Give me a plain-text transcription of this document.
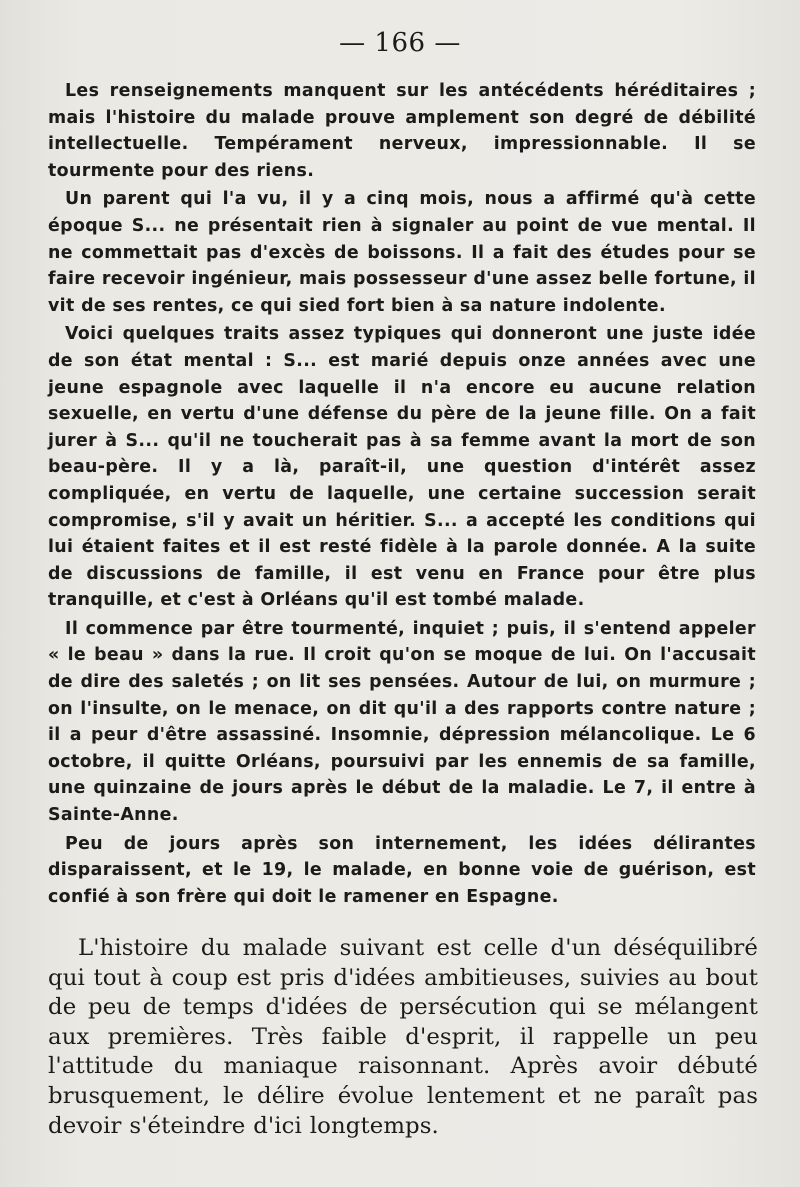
— 166 —

Les renseignements manquent sur les antécédents héréditaires ; mais l'histoire du malade prouve amplement son degré de débilité intellectuelle. Tempérament nerveux, impressionnable. Il se tourmente pour des riens.

Un parent qui l'a vu, il y a cinq mois, nous a affirmé qu'à cette époque S... ne présentait rien à signaler au point de vue mental. Il ne commettait pas d'excès de boissons. Il a fait des études pour se faire recevoir ingénieur, mais possesseur d'une assez belle fortune, il vit de ses rentes, ce qui sied fort bien à sa nature indolente.

Voici quelques traits assez typiques qui donneront une juste idée de son état mental : S... est marié depuis onze années avec une jeune espagnole avec laquelle il n'a encore eu aucune relation sexuelle, en vertu d'une défense du père de la jeune fille. On a fait jurer à S... qu'il ne toucherait pas à sa femme avant la mort de son beau-père. Il y a là, paraît-il, une question d'intérêt assez compliquée, en vertu de laquelle, une certaine succession serait compromise, s'il y avait un héritier. S... a accepté les conditions qui lui étaient faites et il est resté fidèle à la parole donnée. A la suite de discussions de famille, il est venu en France pour être plus tranquille, et c'est à Orléans qu'il est tombé malade.

Il commence par être tourmenté, inquiet ; puis, il s'entend appeler « le beau » dans la rue. Il croit qu'on se moque de lui. On l'accusait de dire des saletés ; on lit ses pensées. Autour de lui, on murmure ; on l'insulte, on le menace, on dit qu'il a des rapports contre nature ; il a peur d'être assassiné. Insomnie, dépression mélancolique. Le 6 octobre, il quitte Orléans, poursuivi par les ennemis de sa famille, une quinzaine de jours après le début de la maladie. Le 7, il entre à Sainte-Anne.

Peu de jours après son internement, les idées délirantes disparaissent, et le 19, le malade, en bonne voie de guérison, est confié à son frère qui doit le ramener en Espagne.

L'histoire du malade suivant est celle d'un déséquilibré qui tout à coup est pris d'idées ambitieuses, suivies au bout de peu de temps d'idées de persécution qui se mélangent aux premières. Très faible d'esprit, il rappelle un peu l'attitude du maniaque raisonnant. Après avoir débuté brusquement, le délire évolue lentement et ne paraît pas devoir s'éteindre d'ici longtemps.
